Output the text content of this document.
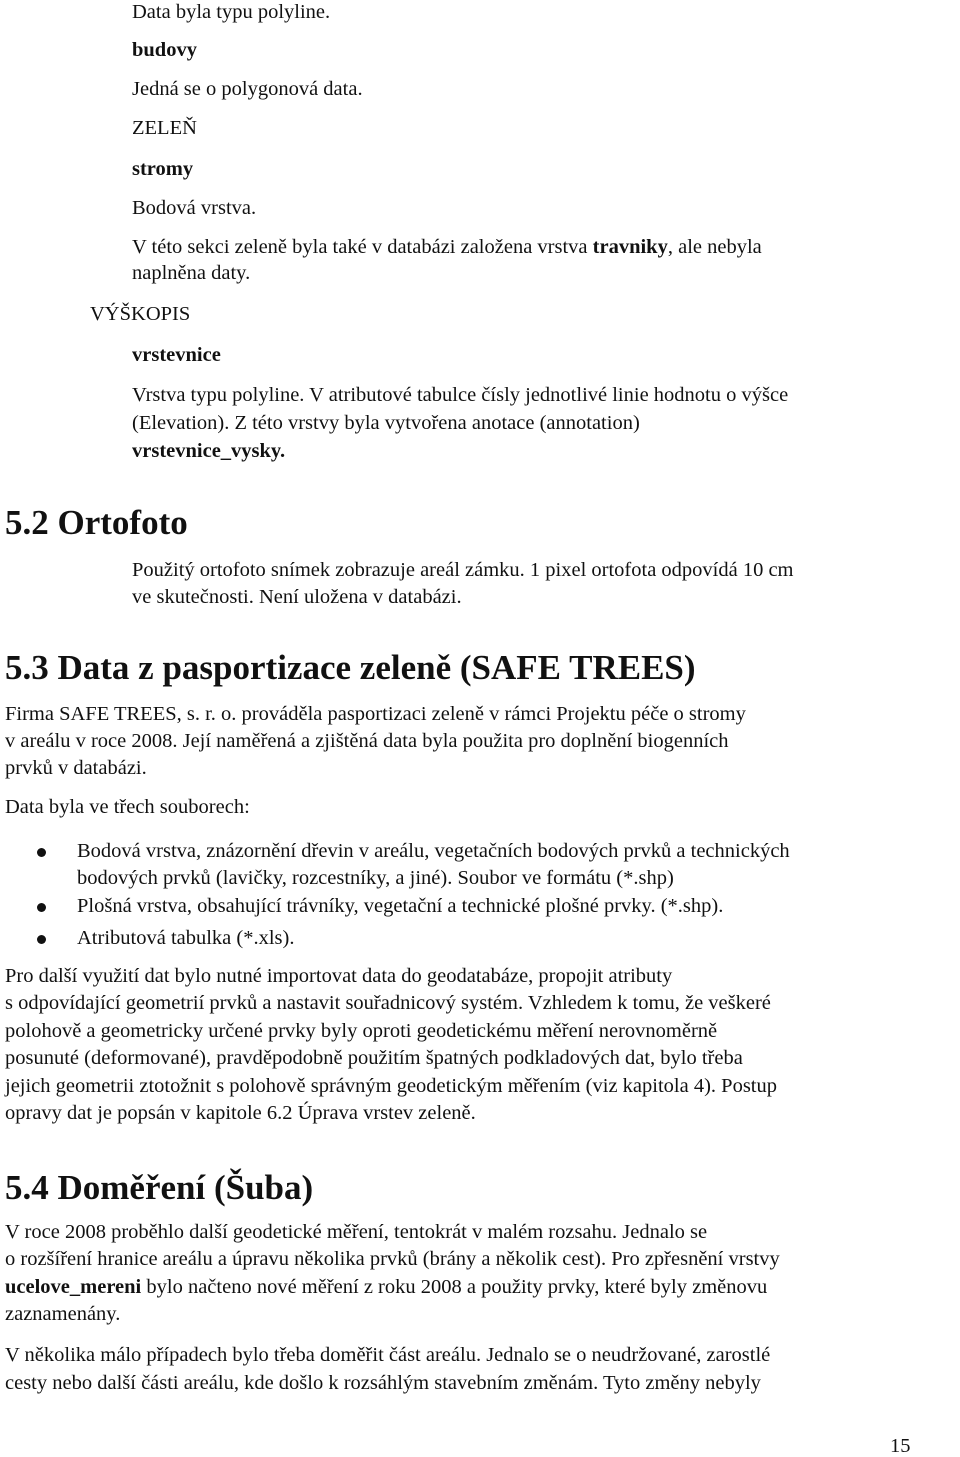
Data byla typu polyline.
budovy
Jedná se o polygonová data.
ZELEŇ
stromy
Bodová vrstva.
V této sekci zeleně byla také v databázi založena vrstva travniky, ale nebyla
naplněna daty.
VÝŠKOPIS
vrstevnice
Vrstva typu polyline. V atributové tabulce čísly jednotlivé linie hodnotu o výšce
(Elevation). Z této vrstvy byla vytvořena anotace (annotation)
vrstevnice_vysky.
5.2 Ortofoto
Použitý ortofoto snímek zobrazuje areál zámku. 1 pixel ortofota odpovídá 10 cm
ve skutečnosti. Není uložena v databázi.
5.3 Data z pasportizace zeleně (SAFE TREES)
Firma SAFE TREES, s. r. o. prováděla pasportizaci zeleně v rámci Projektu péče o stromy
v areálu v roce 2008. Její naměřená a zjištěná data byla použita pro doplnění biogenních
prvků v databázi.
Data byla ve třech souborech:
Bodová vrstva, znázornění dřevin v areálu, vegetačních bodových prvků a technických
bodových prvků (lavičky, rozcestníky, a jiné). Soubor ve formátu (*.shp)
Plošná vrstva, obsahující trávníky, vegetační a technické plošné prvky. (*.shp).
Atributová tabulka (*.xls).
Pro další využití dat bylo nutné importovat data do geodatabáze, propojit atributy
s odpovídající geometrií prvků a nastavit souřadnicový systém. Vzhledem k tomu, že veškeré
polohově a geometricky určené prvky byly oproti geodetickému měření nerovnoměrně
posunuté (deformované), pravděpodobně použitím špatných podkladových dat, bylo třeba
jejich geometrii ztotožnit s polohově správným geodetickým měřením (viz kapitola 4). Postup
opravy dat je popsán v kapitole 6.2 Úprava vrstev zeleně.
5.4 Doměření (Šuba)
V roce 2008 proběhlo další geodetické měření, tentokrát v malém rozsahu. Jednalo se
o rozšíření hranice areálu a úpravu několika prvků (brány a několik cest). Pro zpřesnění vrstvy
ucelove_mereni bylo načteno nové měření z roku 2008 a použity prvky, které byly změnovu
zaznamenány.
V několika málo případech bylo třeba doměřit část areálu. Jednalo se o neudržované, zarostlé
cesty nebo další části areálu, kde došlo k rozsáhlým stavebním změnám. Tyto změny nebyly
15
